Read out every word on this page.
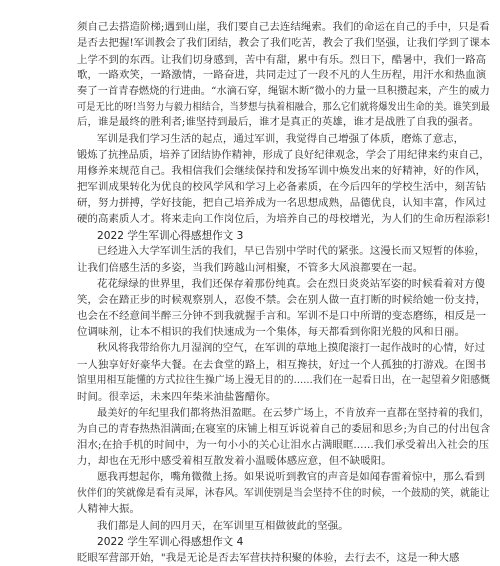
须自己去搭造阶梯;遇到山崖，我们要自己去连结绳索。我们的命运在自己的手中，只是看
是否去把握!军训教会了我们团结，教会了我们吃苦，教会了我们坚强，让我们学到了课本
上学不到的东西。让我们切身感到，苦中有甜，累中有乐。烈日下，酷暑中，我们一路高
歌，一路欢笑，一路激情，一路奋进，共同走过了一段不凡的人生历程，用汗水和热血演
奏了一首青春燃烧的行进曲。“水滴石穿，绳锯木断”微小的力量一旦积攒起来，产生的威力
可是无比的呀!当努力与毅力相结合，当梦想与执着相融合，那么它们就将爆发出生命的美。谁笑到最
后，谁是最终的胜利者;谁坚持到最后，谁才是真正的英雄，谁才是战胜了自我的强者。
军训是我们学习生活的起点，通过军训，我觉得自己增强了体质，磨炼了意志，
锻炼了抗挫品质，培养了团结协作精神，形成了良好纪律观念，学会了用纪律来约束自己，
用修养来规范自己。我相信我们会继续保持和发扬军训中焕发出来的好精神，好的作风，
把军训成果转化为优良的校风学风和学习上必备素质，在今后四年的学校生活中，刻苦钻
研，努力拼搏，学好技能，把自己培养成为一名思想成熟，品德优良，认知丰富，作风过
硬的高素质人才。将来走向工作岗位后，为培养自己的母校增光，为人们的生命历程添彩!
2022 学生军训心得感想作文 3
已经进入大学军训生活的我们，早已告别中学时代的紧张。这漫长而又短暂的体验，
让我们倍感生活的多姿，当我们跨越山河相聚，不管多大风浪都要在一起。
花花绿绿的世界里，我们还保存着那份纯真。会在烈日炎炎站军姿的时候看着对方傻
笑，会在踏正步的时候观察别人，忍俊不禁。会在别人做一直打断的时候给她一份支持，
也会在不经意间半醉三分钟不到我就握手言和。军训不是口中所谓的变态磨练，相反是一
位调味剂，让本不相识的我们快速成为一个集体，每天都看到你阳光般的风和日丽。
秋风将我带给你九月湿润的空气，在军训的草地上摸爬滚打一起作战时的心情，好过
一人独享好好豪华大餐。在去食堂的路上，相互搀扶，好过一个人孤独的打游戏。在图书
馆里用相互能懂的方式拉往生操广场上漫无目的的......我们在一起看日出，在一起望着夕阳感慨
时间。很幸运，未来四年柴米油盐酱醋你。
最美好的年纪里我们都将热泪盈眶。在云梦广场上，不肯放弃一直都在坚持着的我们，
为自己的青春热热泪满面;在寝室的床铺上相互诉说着自己的委屈和思乡;为自己的付出包含
泪水;在拾手机的时间中，为一句小小的关心让泪水占满眼眶......我们承受着出入社会的压
力，却也在无形中感受着相互散发着小温暖体感应意，但不缺暖阳。
愿我再想起你，嘴角微微上扬。如果说听到教官的声音是如闻春雷着惊中，那么看到
伙伴们的笑就像是看有灵犀，沐春风。军训使别是当会坚持不住的时候，一个鼓励的笑，就能让
人精神大振。
我们都是人间的四月天，在军训里互相做彼此的坚强。
2022 学生军训心得感想作文 4
眨眼军营部开始，"我是无论是否去军营扶持积聚的体验，去行去不，这是一种大感
